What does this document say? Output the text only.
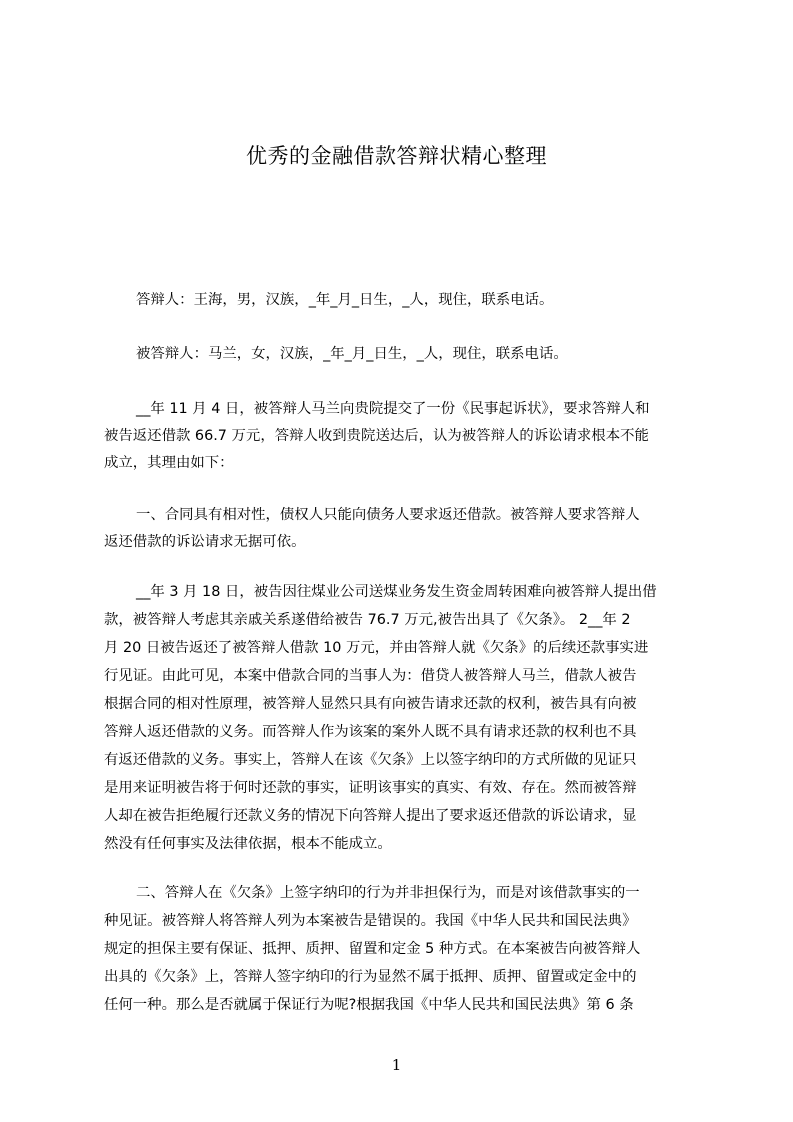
优秀的金融借款答辩状精心整理
答辩人：王海，男，汉族，_年_月_日生，_人，现住，联系电话。
被答辩人：马兰，女，汉族，_年_月_日生，_人，现住，联系电话。
__年 11 月 4 日，被答辩人马兰向贵院提交了一份《民事起诉状》，要求答辩人和
被告返还借款 66.7 万元，答辩人收到贵院送达后，认为被答辩人的诉讼请求根本不能
成立，其理由如下：
一、合同具有相对性，债权人只能向债务人要求返还借款。被答辩人要求答辩人
返还借款的诉讼请求无据可依。
__年 3 月 18 日，被告因往煤业公司送煤业务发生资金周转困难向被答辩人提出借
款，被答辩人考虑其亲戚关系遂借给被告 76.7 万元,被告出具了《欠条》。 2__年 2
月 20 日被告返还了被答辩人借款 10 万元，并由答辩人就《欠条》的后续还款事实进
行见证。由此可见，本案中借款合同的当事人为：借贷人被答辩人马兰，借款人被告
根据合同的相对性原理，被答辩人显然只具有向被告请求还款的权利，被告具有向被
答辩人返还借款的义务。而答辩人作为该案的案外人既不具有请求还款的权利也不具
有返还借款的义务。事实上，答辩人在该《欠条》上以签字纳印的方式所做的见证只
是用来证明被告将于何时还款的事实，证明该事实的真实、有效、存在。然而被答辩
人却在被告拒绝履行还款义务的情况下向答辩人提出了要求返还借款的诉讼请求，显
然没有任何事实及法律依据，根本不能成立。
二、答辩人在《欠条》上签字纳印的行为并非担保行为，而是对该借款事实的一
种见证。被答辩人将答辩人列为本案被告是错误的。我国《中华人民共和国民法典》
规定的担保主要有保证、抵押、质押、留置和定金 5 种方式。在本案被告向被答辩人
出具的《欠条》上，答辩人签字纳印的行为显然不属于抵押、质押、留置或定金中的
任何一种。那么是否就属于保证行为呢?根据我国《中华人民共和国民法典》第 6 条
1
